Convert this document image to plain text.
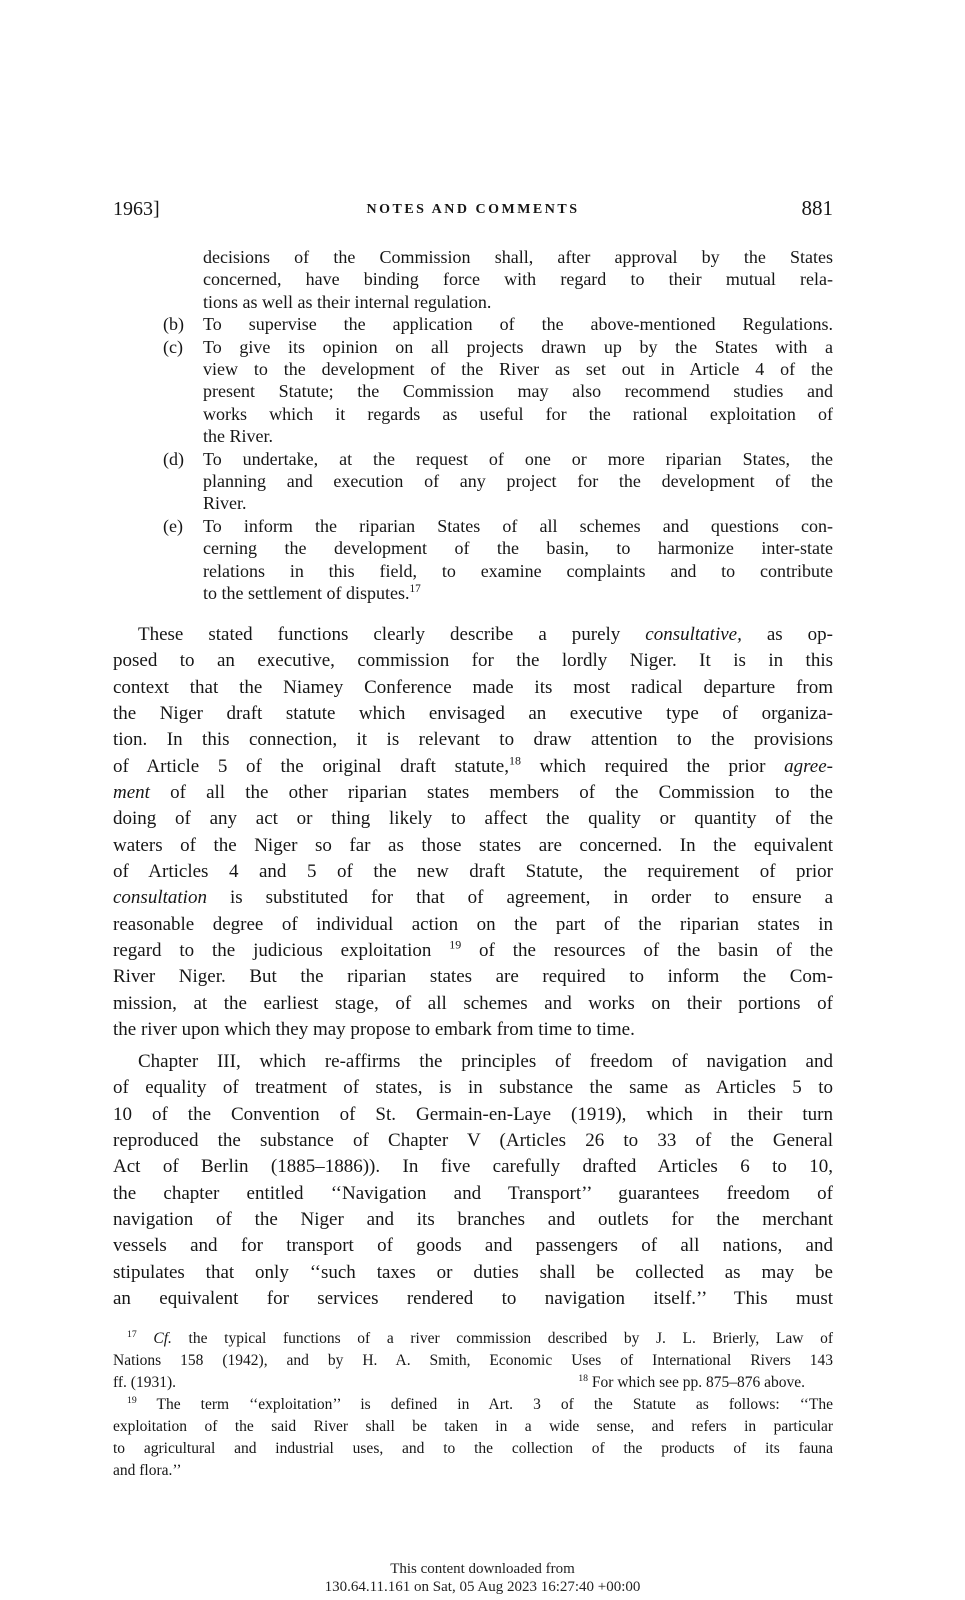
1963]	NOTES AND COMMENTS	881
decisions of the Commission shall, after approval by the States
concerned, have binding force with regard to their mutual rela-
tions as well as their internal regulation.
(b) To supervise the application of the above-mentioned Regulations.
(c) To give its opinion on all projects drawn up by the States with a
view to the development of the River as set out in Article 4 of the
present Statute; the Commission may also recommend studies and
works which it regards as useful for the rational exploitation of
the River.
(d) To undertake, at the request of one or more riparian States, the
planning and execution of any project for the development of the
River.
(e) To inform the riparian States of all schemes and questions con-
cerning the development of the basin, to harmonize inter-state
relations in this field, to examine complaints and to contribute
to the settlement of disputes.$^{17}$
These stated functions clearly describe a purely consultative, as op-
posed to an executive, commission for the lordly Niger. It is in this
context that the Niamey Conference made its most radical departure from
the Niger draft statute which envisaged an executive type of organiza-
tion. In this connection, it is relevant to draw attention to the provisions
of Article 5 of the original draft statute,$^{18}$ which required the prior agree-
ment of all the other riparian states members of the Commission to the
doing of any act or thing likely to affect the quality or quantity of the
waters of the Niger so far as those states are concerned. In the equivalent
of Articles 4 and 5 of the new draft Statute, the requirement of prior
consultation is substituted for that of agreement, in order to ensure a
reasonable degree of individual action on the part of the riparian states in
regard to the judicious exploitation $^{19}$ of the resources of the basin of the
River Niger. But the riparian states are required to inform the Com-
mission, at the earliest stage, of all schemes and works on their portions of
the river upon which they may propose to embark from time to time.
Chapter III, which re-affirms the principles of freedom of navigation and
of equality of treatment of states, is in substance the same as Articles 5 to
10 of the Convention of St. Germain-en-Laye (1919), which in their turn
reproduced the substance of Chapter V (Articles 26 to 33 of the General
Act of Berlin (1885–1886)). In five carefully drafted Articles 6 to 10,
the chapter entitled ‘‘Navigation and Transport’’ guarantees freedom of
navigation of the Niger and its branches and outlets for the merchant
vessels and for transport of goods and passengers of all nations, and
stipulates that only ‘‘such taxes or duties shall be collected as may be
an equivalent for services rendered to navigation itself.’’ This must
$^{17}$ Cf. the typical functions of a river commission described by J. L. Brierly, Law of
Nations 158 (1942), and by H. A. Smith, Economic Uses of International Rivers 143
ff. (1931).	$^{18}$ For which see pp. 875–876 above.
$^{19}$ The term ‘‘exploitation’’ is defined in Art. 3 of the Statute as follows: ‘‘The
exploitation of the said River shall be taken in a wide sense, and refers in particular
to agricultural and industrial uses, and to the collection of the products of its fauna
and flora.’’
This content downloaded from
130.64.11.161 on Sat, 05 Aug 2023 16:27:40 +00:00
